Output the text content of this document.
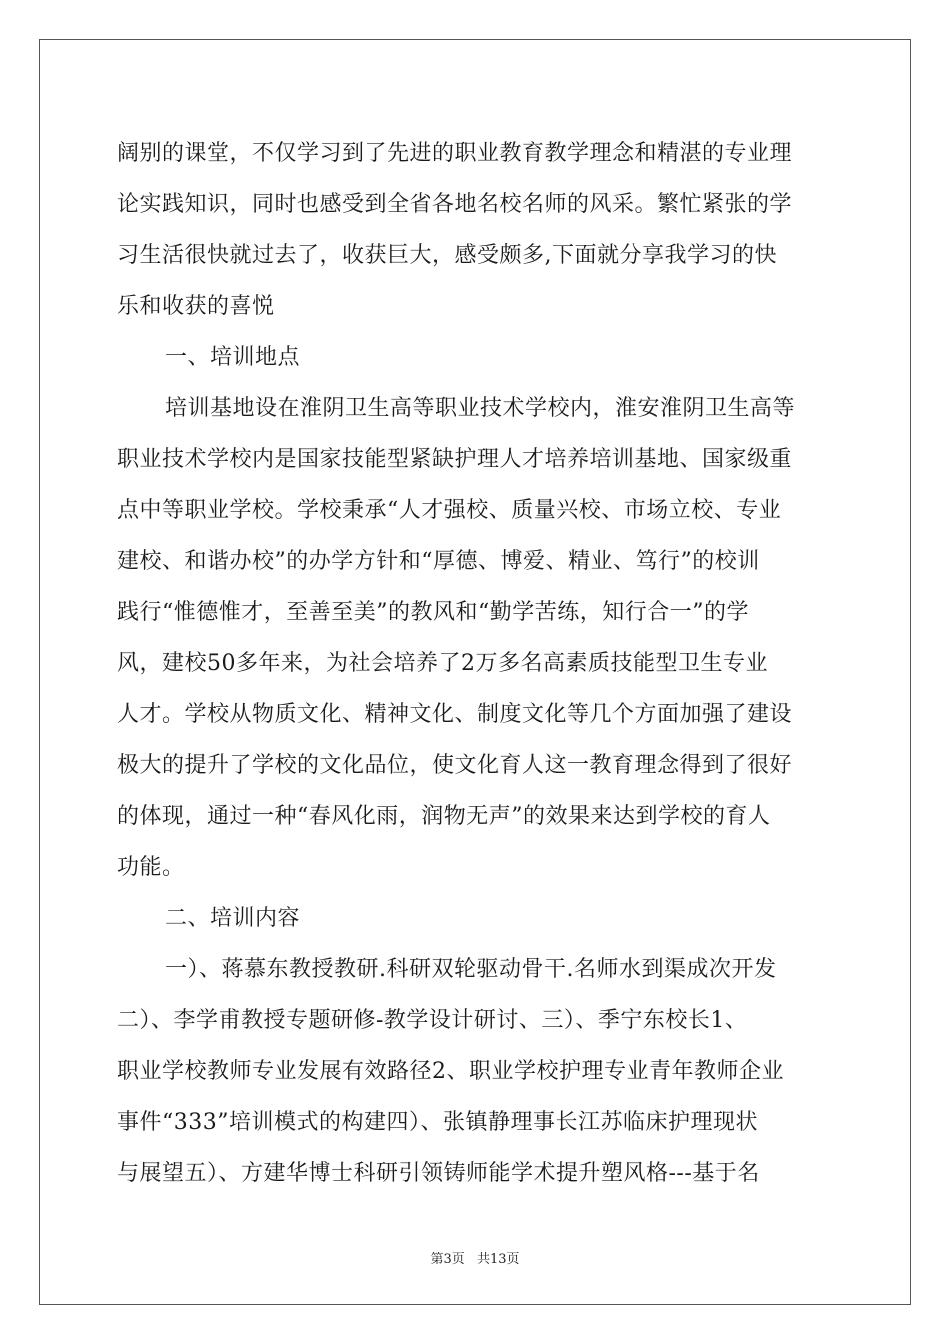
阔别的课堂，不仅学习到了先进的职业教育教学理念和精湛的专业理
论实践知识，同时也感受到全省各地名校名师的风采。繁忙紧张的学
习生活很快就过去了，收获巨大，感受颇多,下面就分享我学习的快
乐和收获的喜悦
一、培训地点
培训基地设在淮阴卫生高等职业技术学校内，淮安淮阴卫生高等
职业技术学校内是国家技能型紧缺护理人才培养培训基地、国家级重
点中等职业学校。学校秉承“人才强校、质量兴校、市场立校、专业
建校、和谐办校”的办学方针和“厚德、博爱、精业、笃行”的校训
践行“惟德惟才，至善至美”的教风和“勤学苦练，知行合一”的学
风，建校50多年来，为社会培养了2万多名高素质技能型卫生专业
人才。学校从物质文化、精神文化、制度文化等几个方面加强了建设
极大的提升了学校的文化品位，使文化育人这一教育理念得到了很好
的体现，通过一种“春风化雨，润物无声”的效果来达到学校的育人
功能。
二、培训内容
一）、蒋慕东教授教研.科研双轮驱动骨干.名师水到渠成次开发
二）、李学甫教授专题研修-教学设计研讨、三）、季宁东校长1、
职业学校教师专业发展有效路径2、职业学校护理专业青年教师企业
事件“333”培训模式的构建四）、张镇静理事长江苏临床护理现状
与展望五）、方建华博士科研引领铸师能学术提升塑风格---基于名
第3页 共13页
